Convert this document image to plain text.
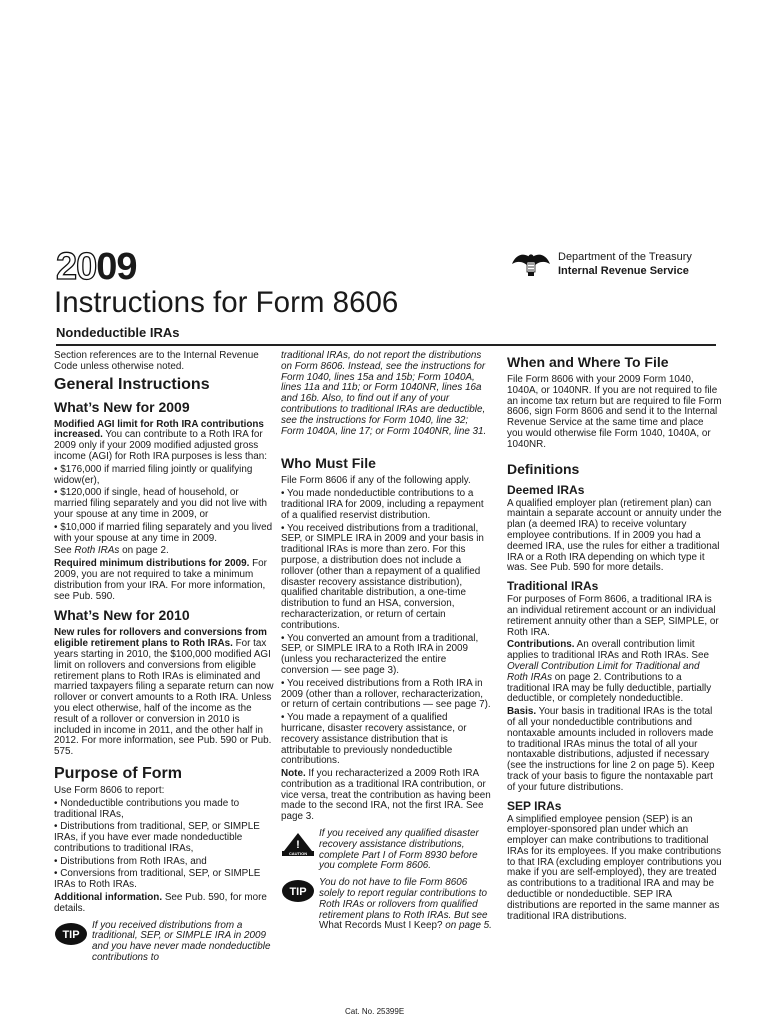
2009	Department of the Treasury
Internal Revenue Service
Instructions for Form 8606
Nondeductible IRAs

Section references are to the Internal Revenue Code unless otherwise noted.

General Instructions
What’s New for 2009

Modified AGI limit for Roth IRA contributions increased. You can contribute to a Roth IRA for 2009 only if your 2009 modified adjusted gross income (AGI) for Roth IRA purposes is less than:

• $176,000 if married filing jointly or qualifying widow(er),

• $120,000 if single, head of household, or married filing separately and you did not live with your spouse at any time in 2009, or

• $10,000 if married filing separately and you lived with your spouse at any time in 2009.

See Roth IRAs on page 2.

Required minimum distributions for 2009. For 2009, you are not required to take a minimum distribution from your IRA. For more information, see Pub. 590.

What’s New for 2010

New rules for rollovers and conversions from eligible retirement plans to Roth IRAs. For tax years starting in 2010, the $100,000 modified AGI limit on rollovers and conversions from eligible retirement plans to Roth IRAs is eliminated and married taxpayers filing a separate return can now rollover or convert amounts to a Roth IRA. Unless you elect otherwise, half of the income as the result of a rollover or conversion in 2010 is included in income in 2011, and the other half in 2012. For more information, see Pub. 590 or Pub. 575.

Purpose of Form

Use Form 8606 to report:

• Nondeductible contributions you made to traditional IRAs,

• Distributions from traditional, SEP, or SIMPLE IRAs, if you have ever made nondeductible contributions to traditional IRAs,

• Distributions from Roth IRAs, and

• Conversions from traditional, SEP, or SIMPLE IRAs to Roth IRAs.

Additional information. See Pub. 590, for more details.

TIP
If you received distributions from a traditional, SEP, or SIMPLE IRA in 2009 and you have never made nondeductible contributions to

traditional IRAs, do not report the distributions on Form 8606. Instead, see the instructions for Form 1040, lines 15a and 15b; Form 1040A, lines 11a and 11b; or Form 1040NR, lines 16a and 16b. Also, to find out if any of your contributions to traditional IRAs are deductible, see the instructions for Form 1040, line 32; Form 1040A, line 17; or Form 1040NR, line 31.

Who Must File

File Form 8606 if any of the following apply.

• You made nondeductible contributions to a traditional IRA for 2009, including a repayment of a qualified reservist distribution.

• You received distributions from a traditional, SEP, or SIMPLE IRA in 2009 and your basis in traditional IRAs is more than zero. For this purpose, a distribution does not include a rollover (other than a repayment of a qualified disaster recovery assistance distribution), qualified charitable distribution, a one-time distribution to fund an HSA, conversion, recharacterization, or return of certain contributions.

• You converted an amount from a traditional, SEP, or SIMPLE IRA to a Roth IRA in 2009 (unless you recharacterized the entire conversion — see page 3).

• You received distributions from a Roth IRA in 2009 (other than a rollover, recharacterization, or return of certain contributions — see page 7).

• You made a repayment of a qualified hurricane, disaster recovery assistance, or recovery assistance distribution that is attributable to previously nondeductible contributions.

Note. If you recharacterized a 2009 Roth IRA contribution as a traditional IRA contribution, or vice versa, treat the contribution as having been made to the second IRA, not the first IRA. See page 3.

!
CAUTION
If you received any qualified disaster recovery assistance distributions, complete Part I of Form 8930 before you complete Form 8606.
TIP
You do not have to file Form 8606 solely to report regular contributions to Roth IRAs or rollovers from qualified retirement plans to Roth IRAs. But see What Records Must I Keep? on page 5.
When and Where To File

File Form 8606 with your 2009 Form 1040, 1040A, or 1040NR. If you are not required to file an income tax return but are required to file Form 8606, sign Form 8606 and send it to the Internal Revenue Service at the same time and place you would otherwise file Form 1040, 1040A, or 1040NR.

Definitions
Deemed IRAs

A qualified employer plan (retirement plan) can maintain a separate account or annuity under the plan (a deemed IRA) to receive voluntary employee contributions. If in 2009 you had a deemed IRA, use the rules for either a traditional IRA or a Roth IRA depending on which type it was. See Pub. 590 for more details.

Traditional IRAs

For purposes of Form 8606, a traditional IRA is an individual retirement account or an individual retirement annuity other than a SEP, SIMPLE, or Roth IRA.

Contributions. An overall contribution limit applies to traditional IRAs and Roth IRAs. See Overall Contribution Limit for Traditional and Roth IRAs on page 2. Contributions to a traditional IRA may be fully deductible, partially deductible, or completely nondeductible.

Basis. Your basis in traditional IRAs is the total of all your nondeductible contributions and nontaxable amounts included in rollovers made to traditional IRAs minus the total of all your nontaxable distributions, adjusted if necessary (see the instructions for line 2 on page 5). Keep track of your basis to figure the nontaxable part of your future distributions.

SEP IRAs

A simplified employee pension (SEP) is an employer-sponsored plan under which an employer can make contributions to traditional IRAs for its employees. If you make contributions to that IRA (excluding employer contributions you make if you are self-employed), they are treated as contributions to a traditional IRA and may be deductible or nondeductible. SEP IRA distributions are reported in the same manner as traditional IRA distributions.

Cat. No. 25399E
